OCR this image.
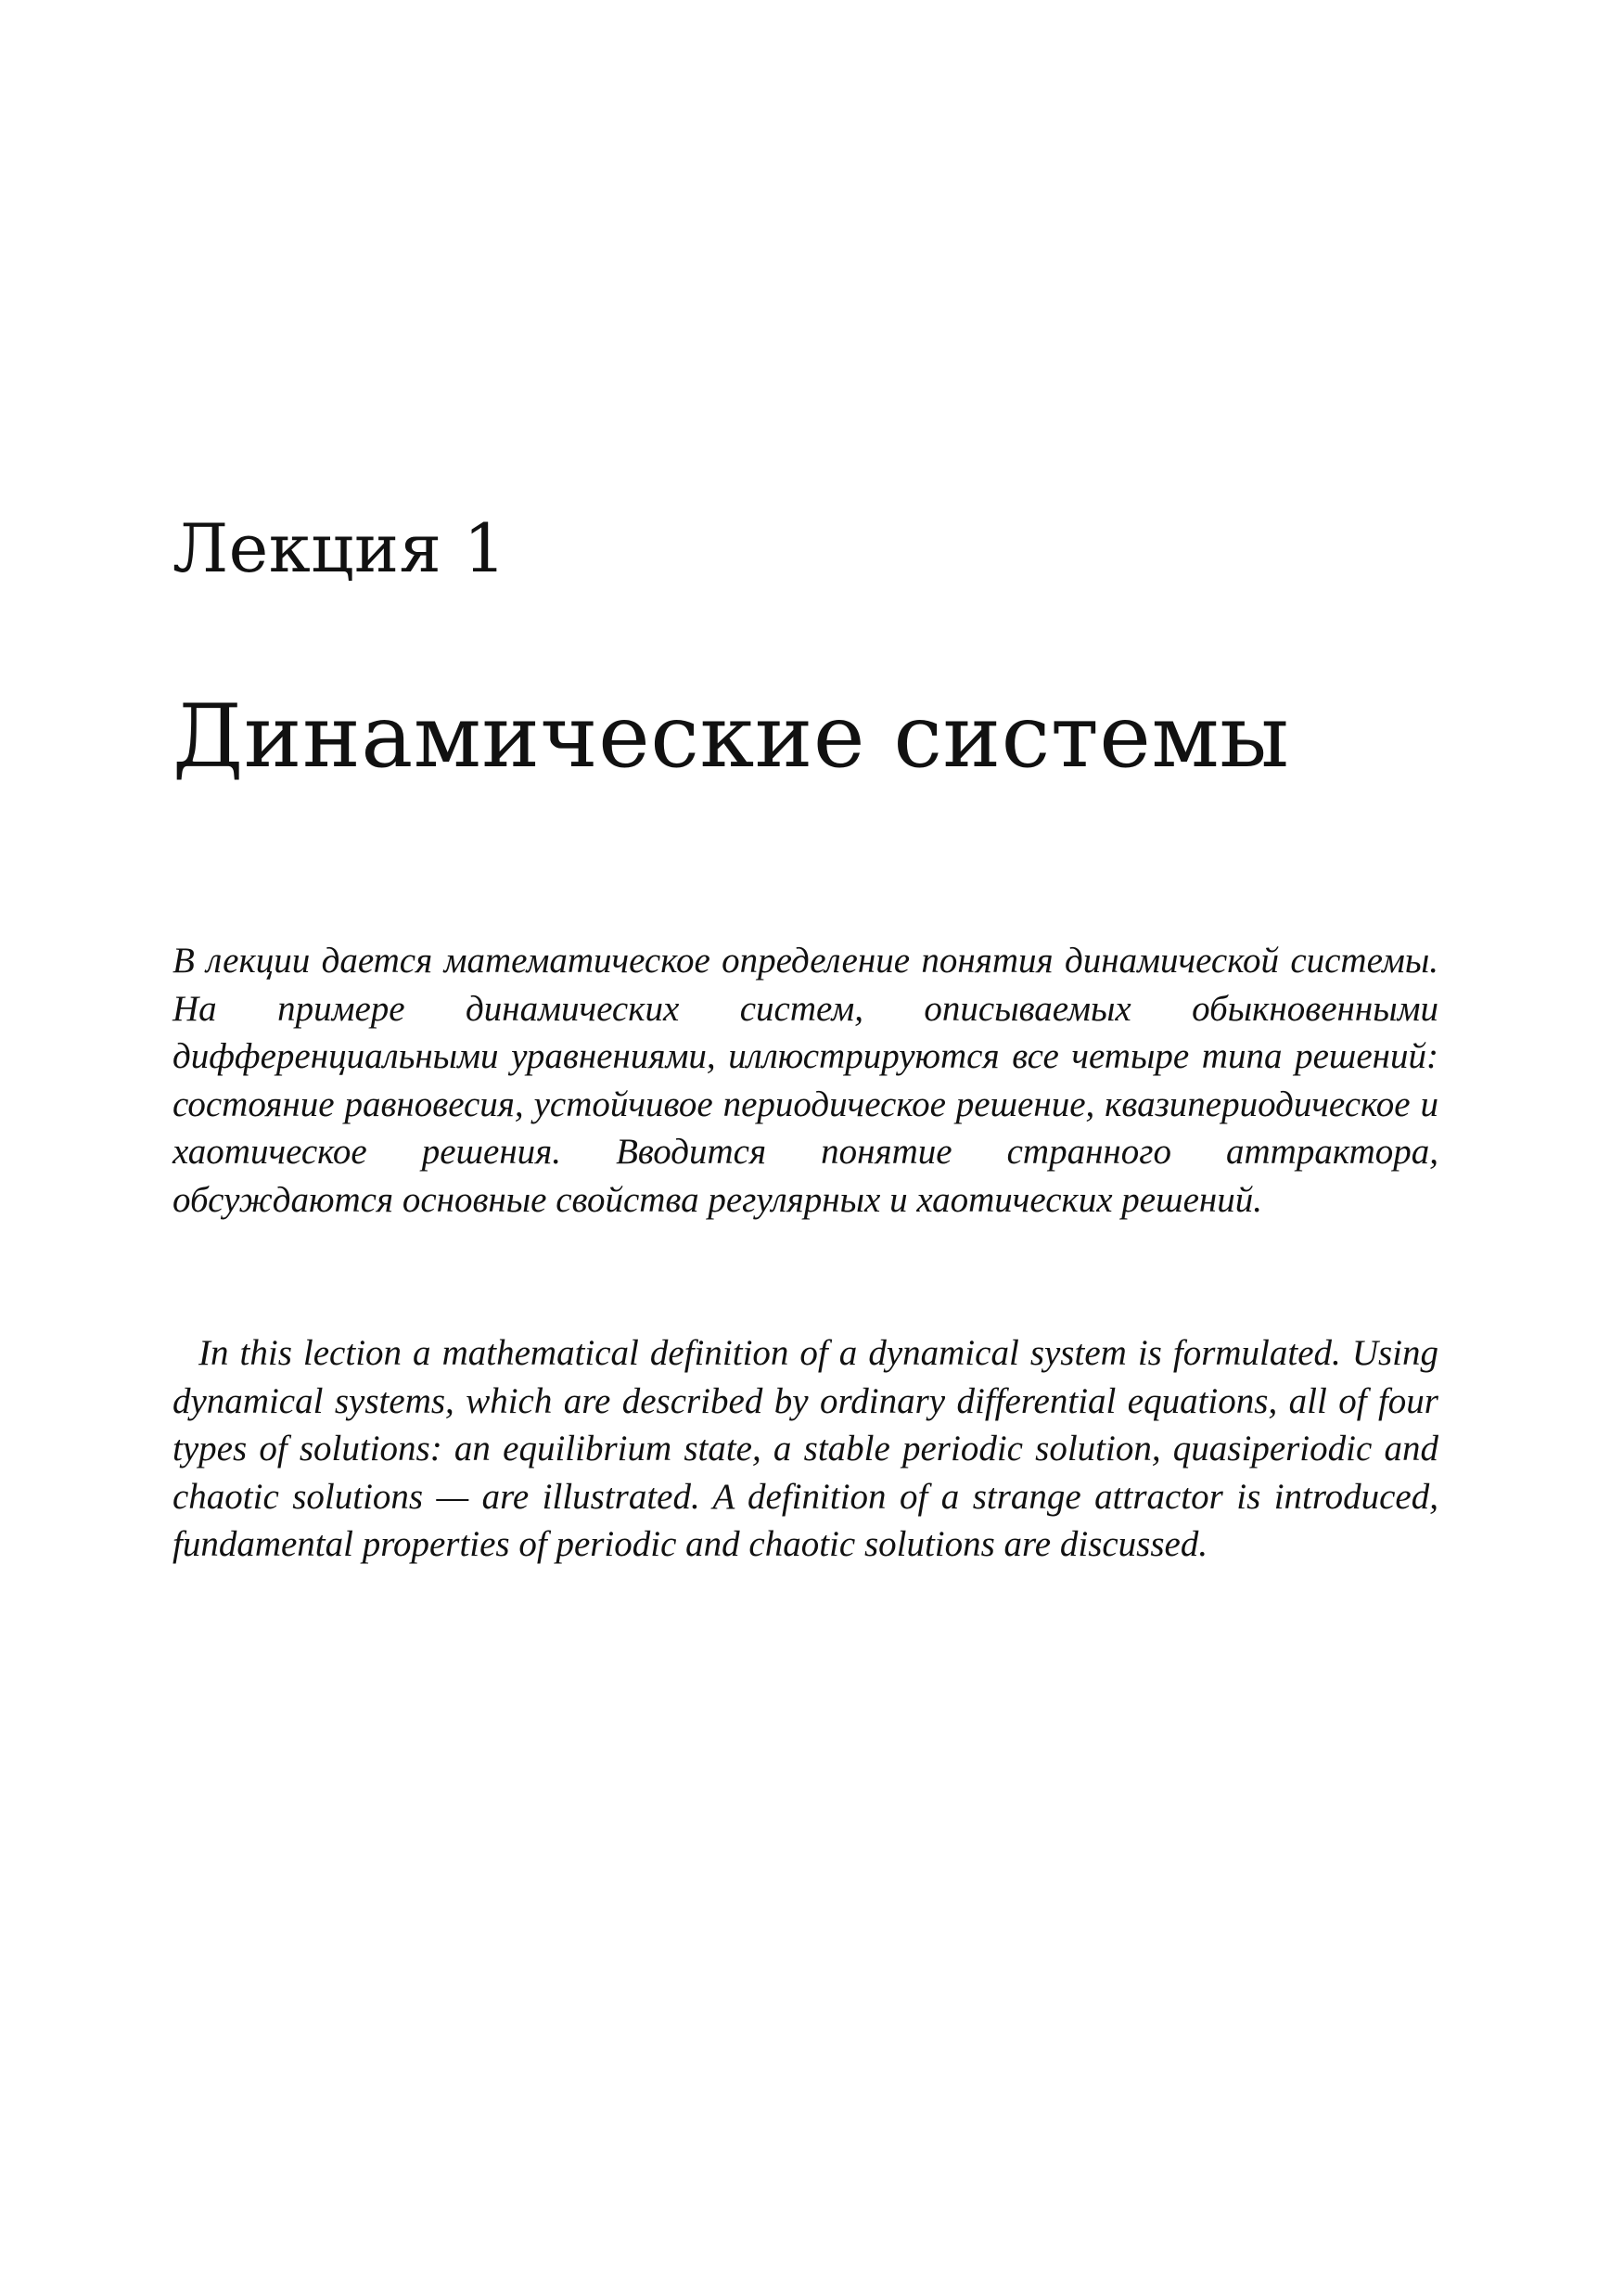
Лекция 1
Динамические системы

В лекции дается математическое определение понятия динамической системы. На примере динамических систем, описываемых обыкновенными дифференциальными уравнениями, иллюстрируются все четыре типа решений: состояние равновесия, устойчивое периодическое решение, квазипериодическое и хаотическое решения. Вводится понятие странного аттрактора, обсуждаются основные свойства регулярных и хаотических решений.

In this lection a mathematical definition of a dynamical system is formulated. Using dynamical systems, which are described by ordinary differential equations, all of four types of solutions: an equilibrium state, a stable periodic solution, quasiperiodic and chaotic solutions — are illustrated. A definition of a strange attractor is introduced, fundamental properties of periodic and chaotic solutions are discussed.
